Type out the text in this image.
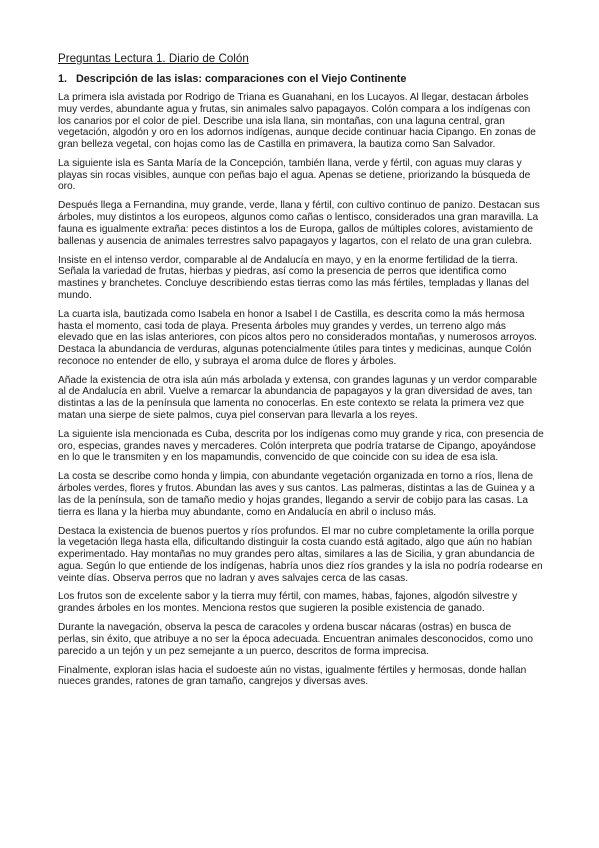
Preguntas Lectura 1. Diario de Colón
1. Descripción de las islas: comparaciones con el Viejo Continente

La primera isla avistada por Rodrigo de Triana es Guanahani, en los Lucayos. Al llegar, destacan árboles muy verdes, abundante agua y frutas, sin animales salvo papagayos. Colón compara a los indígenas con los canarios por el color de piel. Describe una isla llana, sin montañas, con una laguna central, gran vegetación, algodón y oro en los adornos indígenas, aunque decide continuar hacia Cipango. En zonas de gran belleza vegetal, con hojas como las de Castilla en primavera, la bautiza como San Salvador.

La siguiente isla es Santa María de la Concepción, también llana, verde y fértil, con aguas muy claras y playas sin rocas visibles, aunque con peñas bajo el agua. Apenas se detiene, priorizando la búsqueda de oro.

Después llega a Fernandina, muy grande, verde, llana y fértil, con cultivo continuo de panizo. Destacan sus árboles, muy distintos a los europeos, algunos como cañas o lentisco, considerados una gran maravilla. La fauna es igualmente extraña: peces distintos a los de Europa, gallos de múltiples colores, avistamiento de ballenas y ausencia de animales terrestres salvo papagayos y lagartos, con el relato de una gran culebra.

Insiste en el intenso verdor, comparable al de Andalucía en mayo, y en la enorme fertilidad de la tierra. Señala la variedad de frutas, hierbas y piedras, así como la presencia de perros que identifica como mastines y branchetes. Concluye describiendo estas tierras como las más fértiles, templadas y llanas del mundo.

La cuarta isla, bautizada como Isabela en honor a Isabel I de Castilla, es descrita como la más hermosa hasta el momento, casi toda de playa. Presenta árboles muy grandes y verdes, un terreno algo más elevado que en las islas anteriores, con picos altos pero no considerados montañas, y numerosos arroyos. Destaca la abundancia de verduras, algunas potencialmente útiles para tintes y medicinas, aunque Colón reconoce no entender de ello, y subraya el aroma dulce de flores y árboles.

Añade la existencia de otra isla aún más arbolada y extensa, con grandes lagunas y un verdor comparable al de Andalucía en abril. Vuelve a remarcar la abundancia de papagayos y la gran diversidad de aves, tan distintas a las de la península que lamenta no conocerlas. En este contexto se relata la primera vez que matan una sierpe de siete palmos, cuya piel conservan para llevarla a los reyes.

La siguiente isla mencionada es Cuba, descrita por los indígenas como muy grande y rica, con presencia de oro, especias, grandes naves y mercaderes. Colón interpreta que podría tratarse de Cipango, apoyándose en lo que le transmiten y en los mapamundis, convencido de que coincide con su idea de esa isla.

La costa se describe como honda y limpia, con abundante vegetación organizada en torno a ríos, llena de árboles verdes, flores y frutos. Abundan las aves y sus cantos. Las palmeras, distintas a las de Guinea y a las de la península, son de tamaño medio y hojas grandes, llegando a servir de cobijo para las casas. La tierra es llana y la hierba muy abundante, como en Andalucía en abril o incluso más.

Destaca la existencia de buenos puertos y ríos profundos. El mar no cubre completamente la orilla porque la vegetación llega hasta ella, dificultando distinguir la costa cuando está agitado, algo que aún no habían experimentado. Hay montañas no muy grandes pero altas, similares a las de Sicilia, y gran abundancia de agua. Según lo que entiende de los indígenas, habría unos diez ríos grandes y la isla no podría rodearse en veinte días. Observa perros que no ladran y aves salvajes cerca de las casas.

Los frutos son de excelente sabor y la tierra muy fértil, con mames, habas, fajones, algodón silvestre y grandes árboles en los montes. Menciona restos que sugieren la posible existencia de ganado.

Durante la navegación, observa la pesca de caracoles y ordena buscar nácaras (ostras) en busca de perlas, sin éxito, que atribuye a no ser la época adecuada. Encuentran animales desconocidos, como uno parecido a un tejón y un pez semejante a un puerco, descritos de forma imprecisa.

Finalmente, exploran islas hacia el sudoeste aún no vistas, igualmente fértiles y hermosas, donde hallan nueces grandes, ratones de gran tamaño, cangrejos y diversas aves.
